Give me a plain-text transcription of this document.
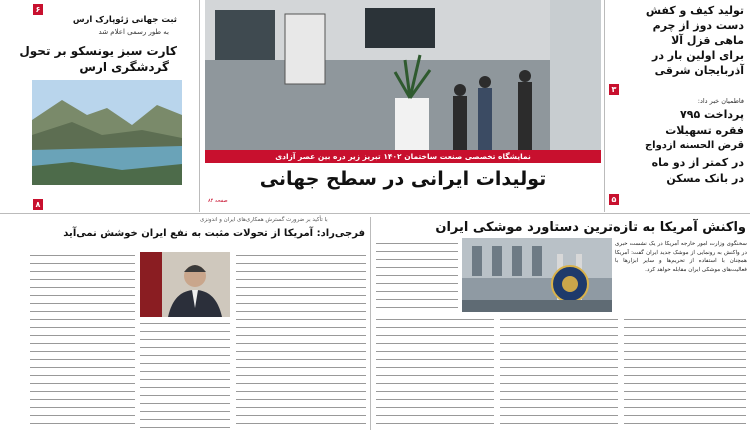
۶
ثبت جهانی ژئوپارک ارس
به طور رسمی اعلام شد
کارت سبز یونسکو بر تحول
گردشگری ارس
۸
نمایشگاه تخصصی صنعت ساختمان ۱۴۰۲ تبریز زیر دره بین عصر آزادی
تولیدات ایرانی در سطح جهانی
صفحه ۸۴
تولید کیف و کفش
دست دوز از چرم
ماهی قزل آلا
برای اولین بار در
آذربایجان شرقی
۳
فاطمیان خبر داد:
پرداخت ۷۹۵
فقره تسهیلات
قرض الحسنه ازدواج
در کمتر از دو ماه
در بانک مسکن
۵
با تأکید بر ضرورت گسترش همکاری‌های ایران و اندونزی
فرجی‌راد: آمریکا از تحولات مثبت به نفع ایران خوشش نمی‌آید	واکنش آمریکا به تازه‌ترین دستاورد موشکی ایران
سخنگوی وزارت امور خارجه آمریکا در یک نشست خبری در واکنش به رونمایی از موشک جدید ایران گفت: آمریکا همچنان با استفاده از تحریم‌ها و سایر ابزارها با فعالیت‌های موشکی ایران مقابله خواهد کرد.
